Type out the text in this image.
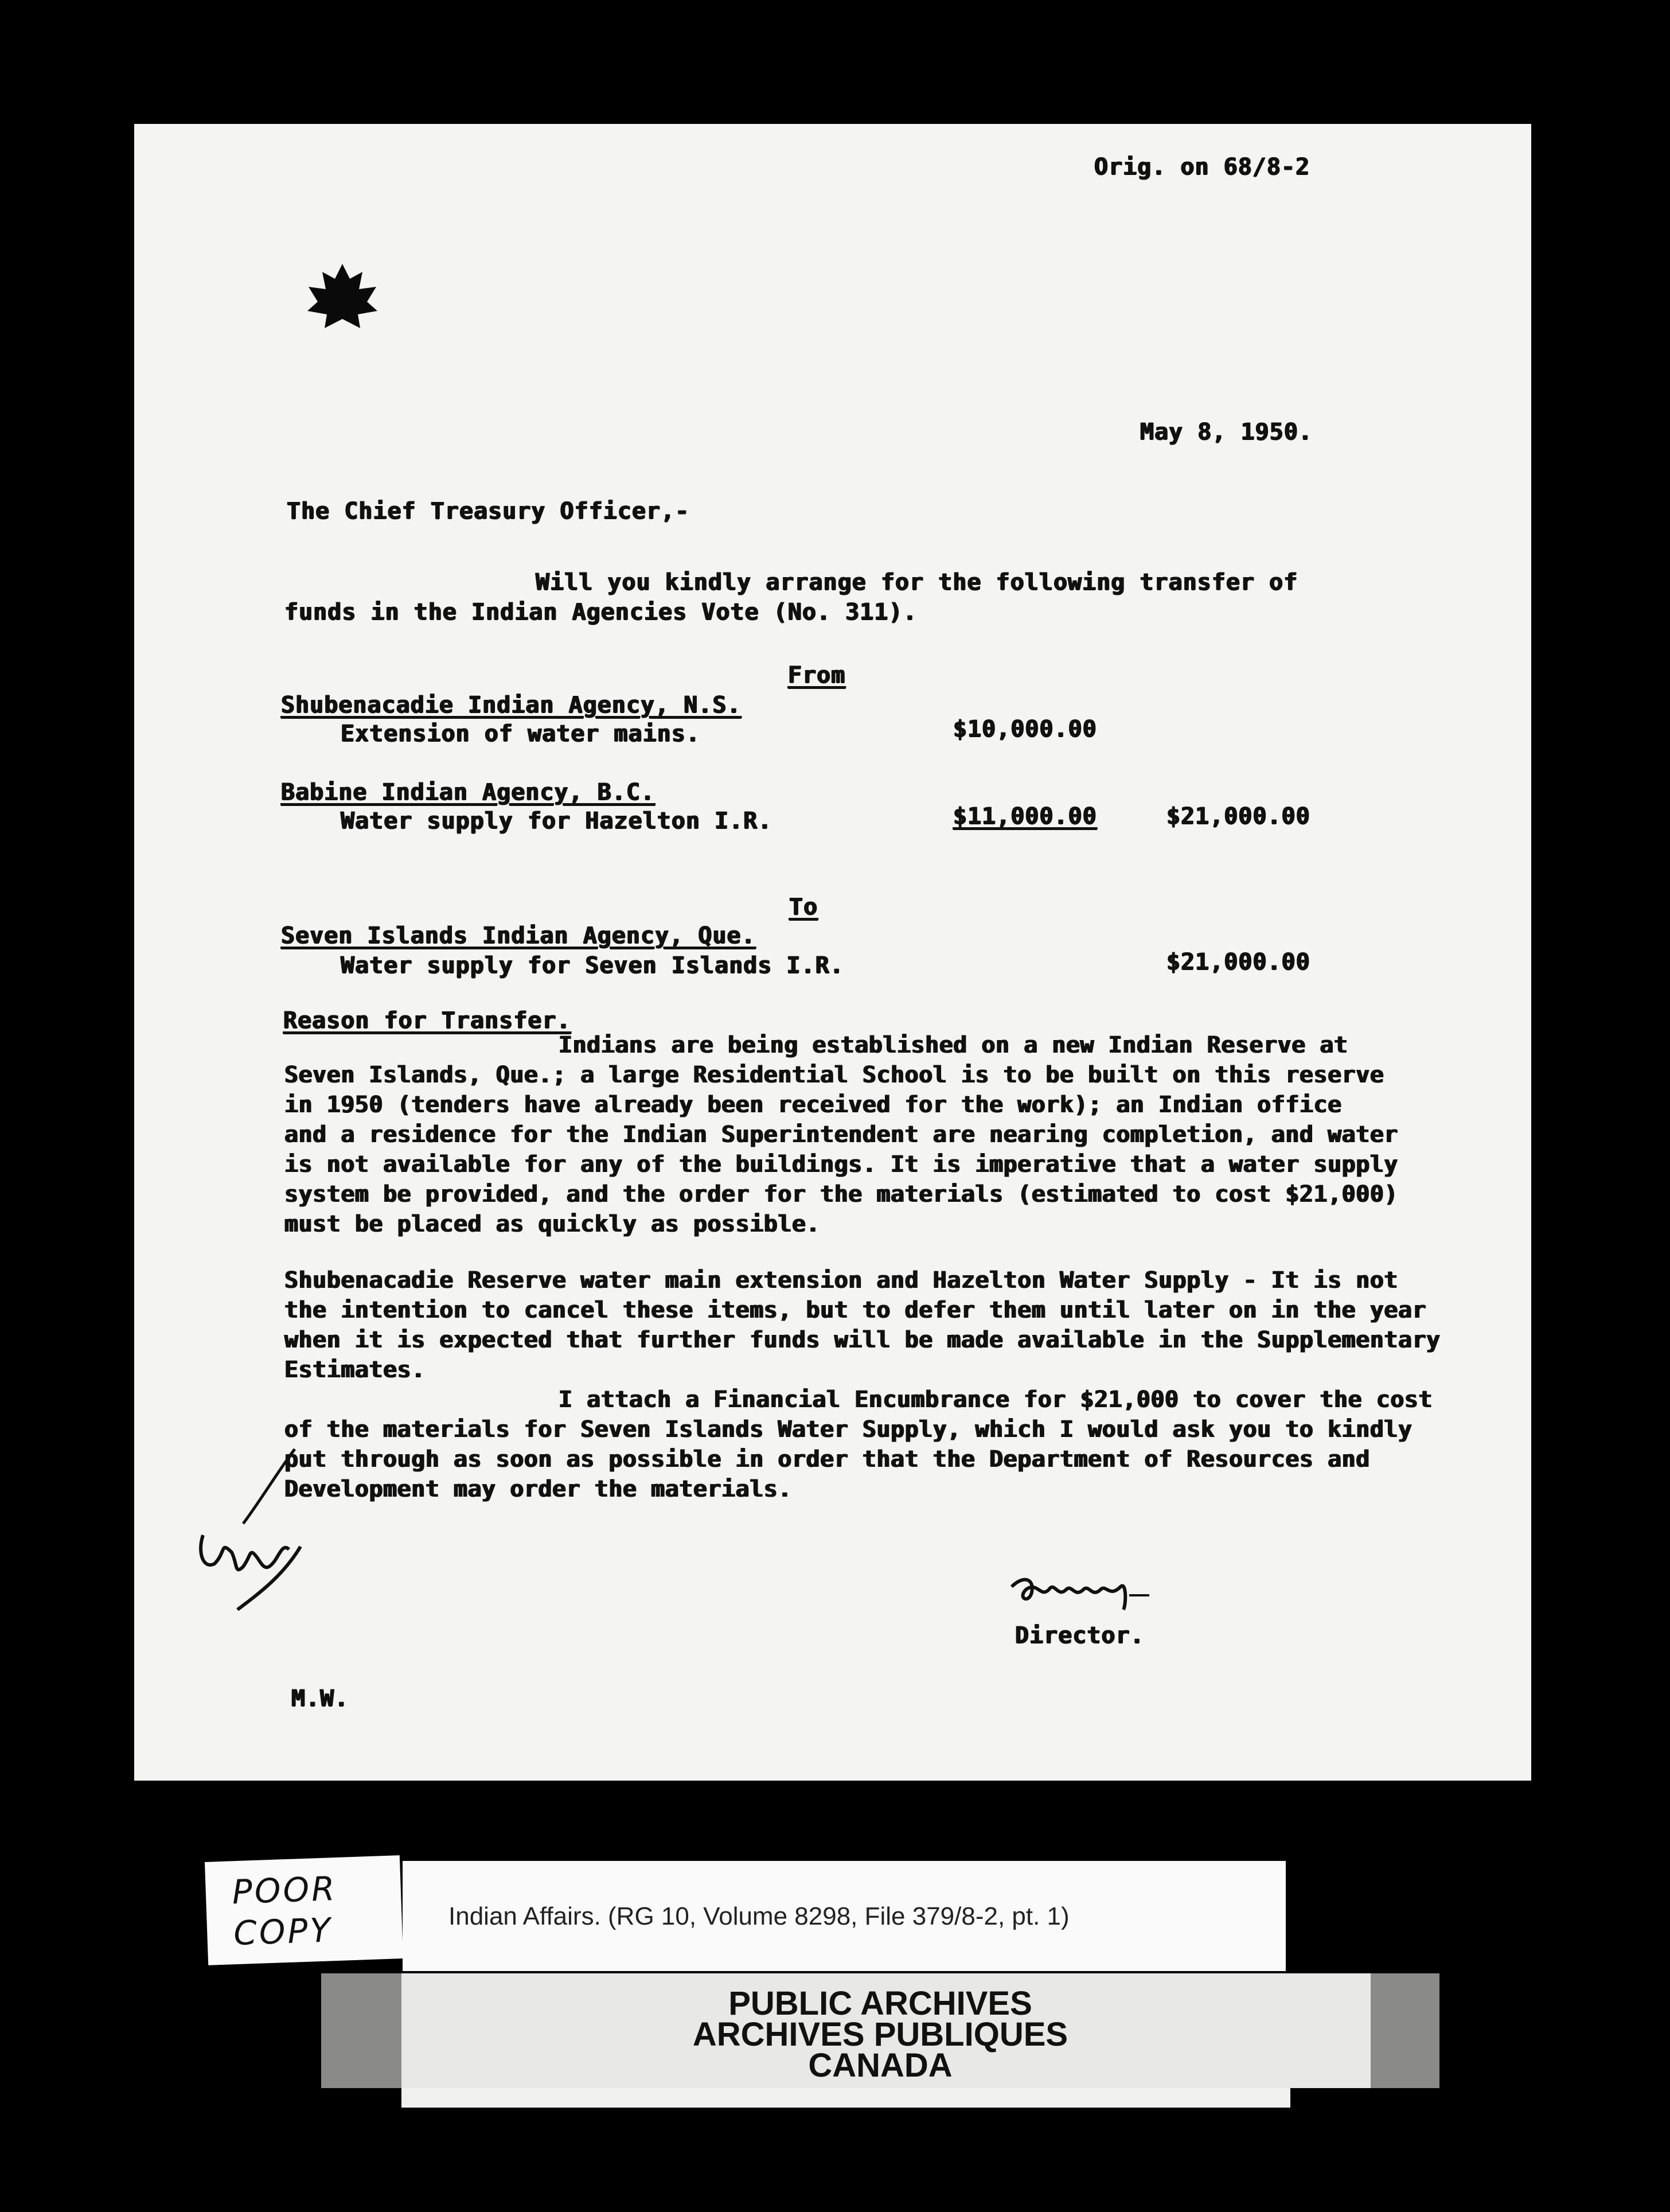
Orig. on 68/8-2
May 8, 1950.
The Chief Treasury Officer,-
Will you kindly arrange for the following transfer of
funds in the Indian Agencies Vote (No. 311).
From
Shubenacadie Indian Agency, N.S.
Extension of water mains.	$10,000.00
Babine Indian Agency, B.C.
Water supply for Hazelton I.R.	$11,000.00	$21,000.00
To
Seven Islands Indian Agency, Que.
Water supply for Seven Islands I.R.	$21,000.00
Reason for Transfer.

Indians are being established on a new Indian Reserve at

Seven Islands, Que.; a large Residential School is to be built on this reserve

in 1950 (tenders have already been received for the work); an Indian office

and a residence for the Indian Superintendent are nearing completion, and water

is not available for any of the buildings. It is imperative that a water supply

system be provided, and the order for the materials (estimated to cost $21,000)

must be placed as quickly as possible.

Shubenacadie Reserve water main extension and Hazelton Water Supply - It is not

the intention to cancel these items, but to defer them until later on in the year

when it is expected that further funds will be made available in the Supplementary

Estimates.

I attach a Financial Encumbrance for $21,000 to cover the cost

of the materials for Seven Islands Water Supply, which I would ask you to kindly

put through as soon as possible in order that the Department of Resources and

Development may order the materials.

Director.
M.W.
Indian Affairs. (RG 10, Volume 8298, File 379/8-2, pt. 1)
POOR
COPY
PUBLIC ARCHIVES
ARCHIVES PUBLIQUES
CANADA
